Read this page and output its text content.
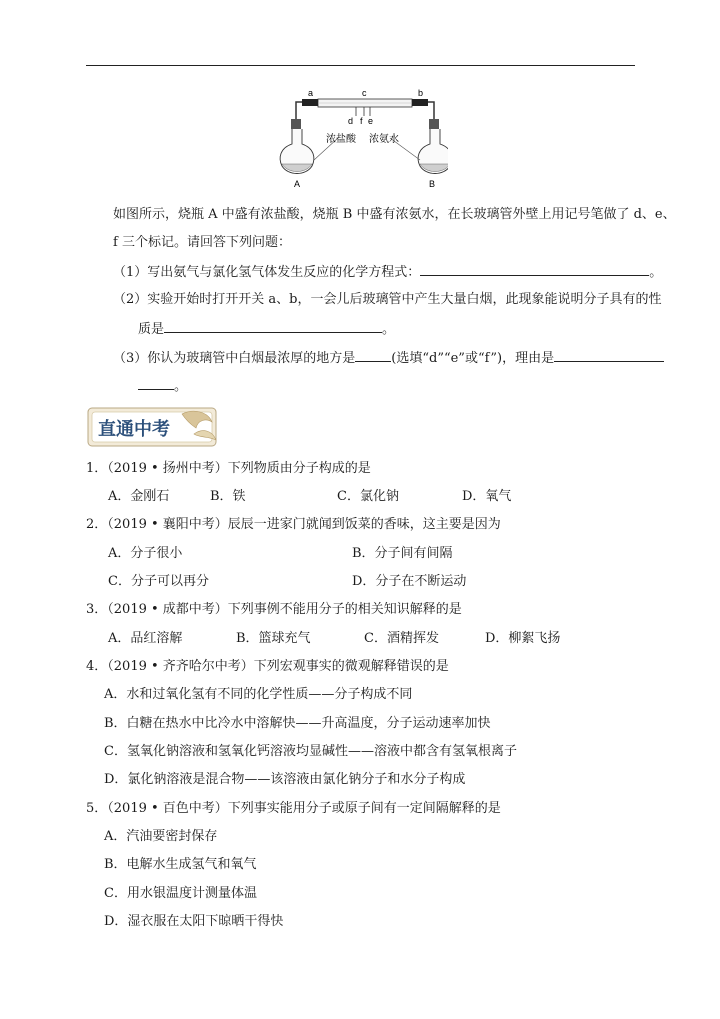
a	c	b
d f e
浓盐酸 浓氨水
A	B
如图所示，烧瓶 A 中盛有浓盐酸，烧瓶 B 中盛有浓氨水，在长玻璃管外壁上用记号笔做了 d、e、
f 三个标记。请回答下列问题：
（1）写出氨气与氯化氢气体发生反应的化学方程式：	。
（2）实验开始时打开开关 a、b，一会儿后玻璃管中产生大量白烟，此现象能说明分子具有的性
质是	。
（3）你认为玻璃管中白烟最浓厚的地方是	(选填“d”“e”或“f”)，理由是
。
直通中考
1．（2019 • 扬州中考）下列物质由分子构成的是
A．金刚石	B．铁	C．氯化钠	D．氧气
2．（2019 • 襄阳中考）辰辰一进家门就闻到饭菜的香味，这主要是因为
A．分子很小	B．分子间有间隔
C．分子可以再分	D．分子在不断运动
3．（2019 • 成都中考）下列事例不能用分子的相关知识解释的是
A．品红溶解	B．篮球充气	C．酒精挥发	D．柳絮飞扬
4．（2019 • 齐齐哈尔中考）下列宏观事实的微观解释错误的是
A．水和过氧化氢有不同的化学性质——分子构成不同
B．白糖在热水中比冷水中溶解快——升高温度，分子运动速率加快
C．氢氧化钠溶液和氢氧化钙溶液均显碱性——溶液中都含有氢氧根离子
D．氯化钠溶液是混合物——该溶液由氯化钠分子和水分子构成
5．（2019 • 百色中考）下列事实能用分子或原子间有一定间隔解释的是
A．汽油要密封保存
B．电解水生成氢气和氧气
C．用水银温度计测量体温
D．湿衣服在太阳下晾晒干得快
